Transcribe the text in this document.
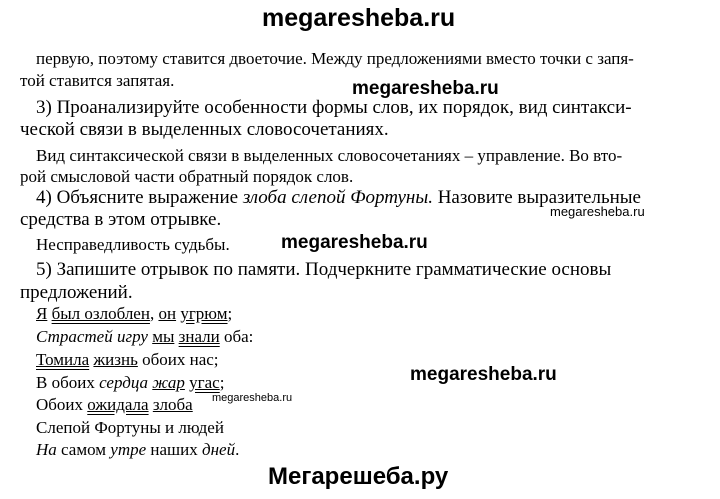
megaresheba.ru
первую, поэтому ставится двоеточие. Между предложениями вместо точки с запя-
той ставится запятая.	megaresheba.ru
3) Проанализируйте особенности формы слов, их порядок, вид синтакси-
ческой связи в выделенных словосочетаниях.
Вид синтаксической связи в выделенных словосочетаниях – управление. Во вто-
рой смысловой части обратный порядок слов.
4) Объясните выражение злоба слепой Фортуны. Назовите выразительные
средства в этом отрывке.	megaresheba.ru
Несправедливость судьбы.	megaresheba.ru
5) Запишите отрывок по памяти. Подчеркните грамматические основы
предложений.
Я был озлоблен, он угрюм;
Страстей игру мы знали оба:
Томила жизнь обоих нас;
В обоих сердца жар угас;
Обоих ожидала злоба megaresheba.ru
megaresheba.ru
Слепой Фортуны и людей
На самом утре наших дней.
Мегарешеба.ру
